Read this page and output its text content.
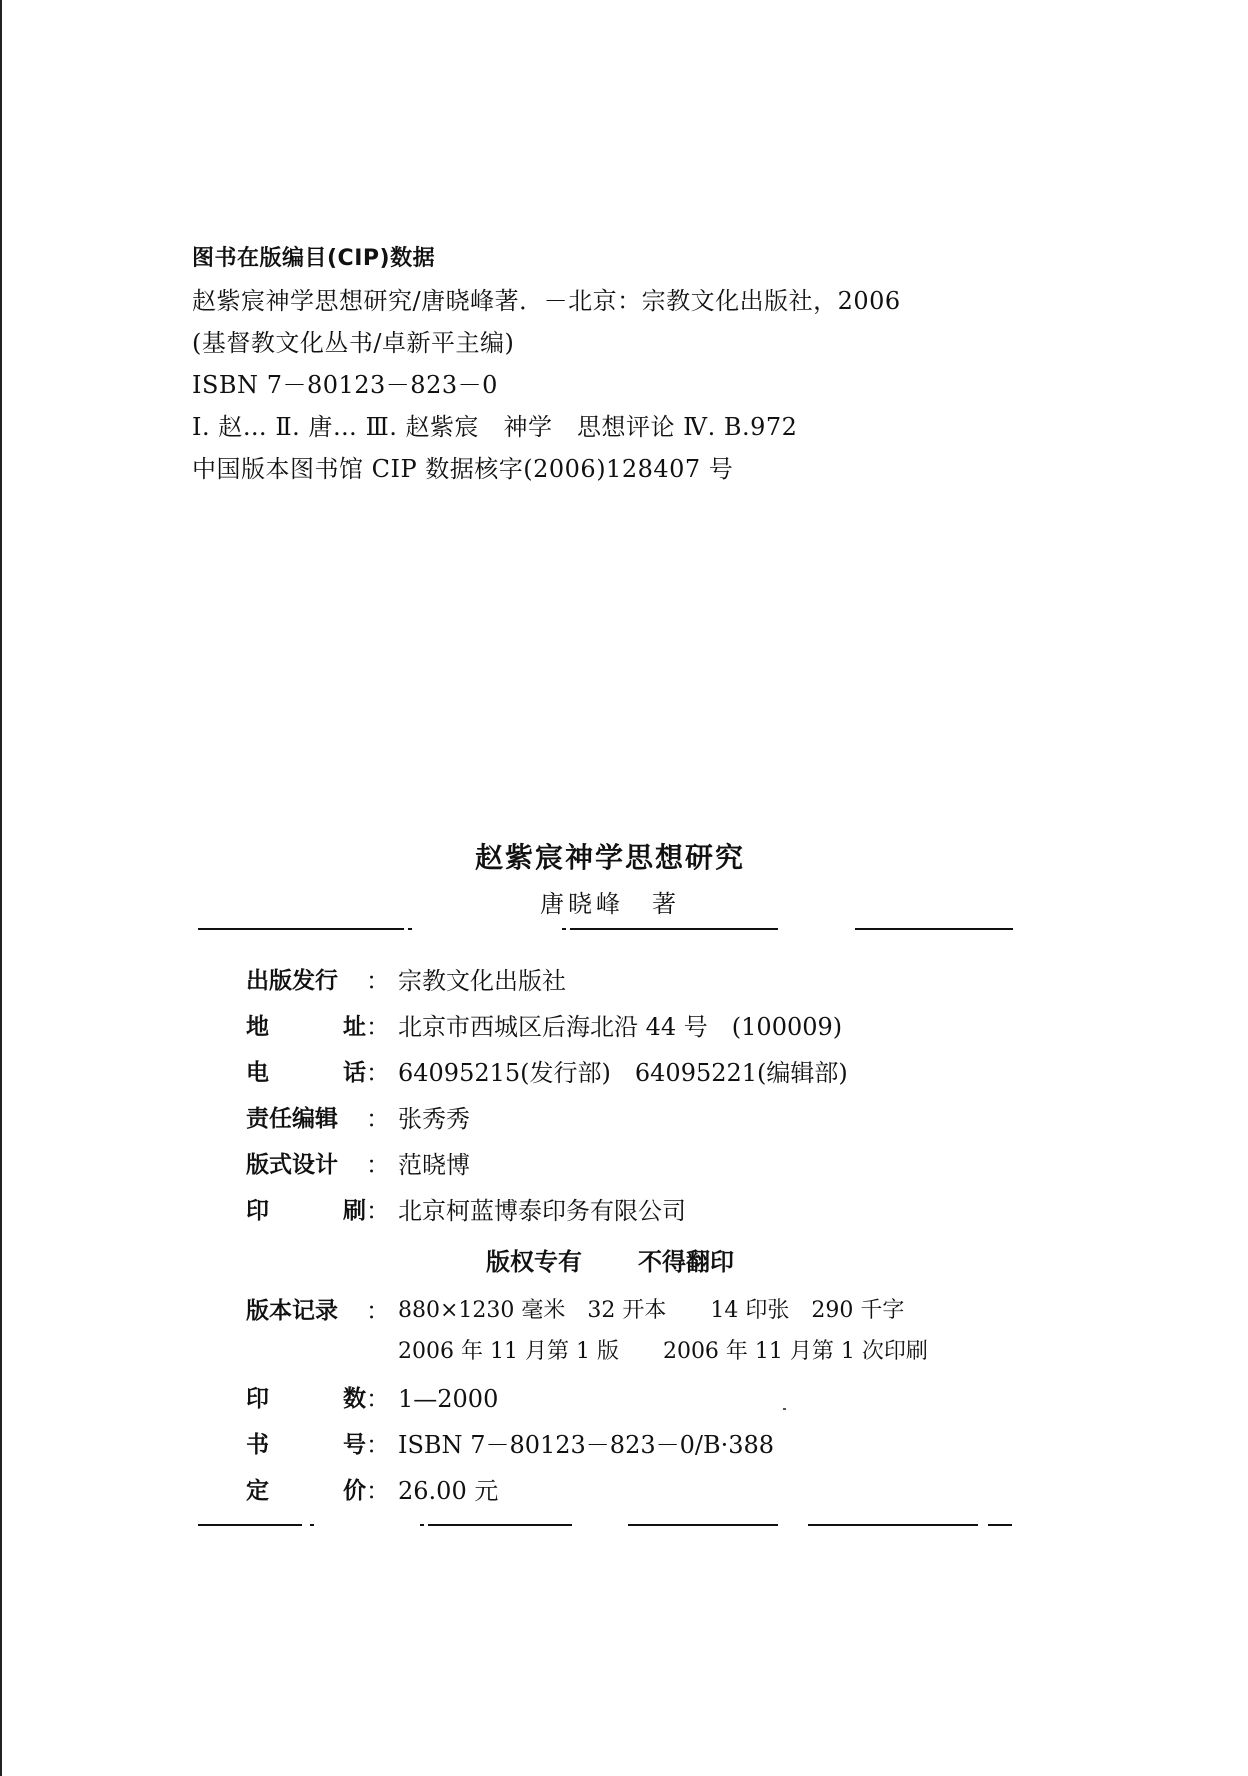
图书在版编目(CIP)数据
赵紫宸神学思想研究/唐晓峰著．－北京：宗教文化出版社，2006
(基督教文化丛书/卓新平主编)
ISBN 7－80123－823－0
Ⅰ. 赵… Ⅱ. 唐… Ⅲ. 赵紫宸　神学　思想评论 Ⅳ. B.972
中国版本图书馆 CIP 数据核字(2006)128407 号
赵紫宸神学思想研究
唐晓峰　著
出版发行	： 宗教文化出版社
地	址 ： 北京市西城区后海北沿 44 号　(100009)
电	话 ： 64095215(发行部)　64095221(编辑部)
责任编辑	： 张秀秀
版式设计	： 范晓博
印	刷 ： 北京柯蓝博泰印务有限公司
版权专有 不得翻印
版本记录	： 880×1230 毫米　32 开本　　14 印张　290 千字
2006 年 11 月第 1 版　　2006 年 11 月第 1 次印刷
印	数 ： 1—2000
书	号 ： ISBN 7－80123－823－0/B·388
定	价 ： 26.00 元
